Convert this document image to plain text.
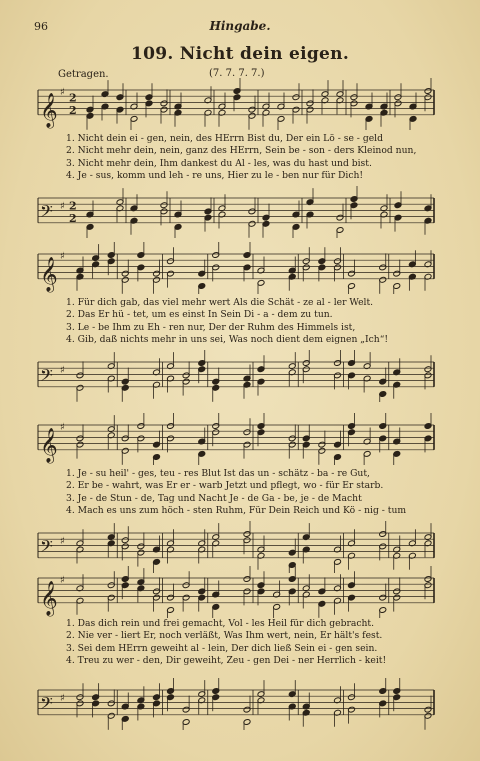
96	Hingabe.
109. Nicht dein eigen.
Getragen.	(7. 7. 7. 7.)
𝄞
♯ 2
2
1. Nicht dein ei - gen, nein, des HErrn Bist du, Der ein Lö - se - geld
2. Nicht mehr dein, nein, ganz des HErrn, Sein be - son - ders Kleinod nun,
3. Nicht mehr dein, Ihm dankest du Al - les, was du hast und bist.
4. Je - sus, komm und leh - re uns, Hier zu le - ben nur für Dich!
𝄢 ♯ 2
2
𝄞
♯
1. Für dich gab, das viel mehr wert Als die Schät - ze al - ler Welt.
2. Das Er hü - tet, um es einst In Sein Di - a - dem zu tun.
3. Le - be Ihm zu Eh - ren nur, Der der Ruhm des Himmels ist,
4. Gib, daß nichts mehr in uns sei, Was noch dient dem eignen „Ich“!
𝄢 ♯
𝄞
♯
1. Je - su heil' - ges, teu - res Blut Ist das un - schätz - ba - re Gut,
2. Er be - wahrt, was Er er - warb Jetzt und pflegt, wo - für Er starb.
3. Je - de Stun - de, Tag und Nacht Je - de Ga - be, je - de Macht
4. Mach es uns zum höch - sten Ruhm, Für Dein Reich und Kö - nig - tum
𝄢 ♯
𝄞
♯
1. Das dich rein und frei gemacht, Vol - les Heil für dich gebracht.
2. Nie ver - liert Er, noch verläßt, Was Ihm wert, nein, Er hält's fest.
3. Sei dem HErrn geweiht al - lein, Der dich ließ Sein ei - gen sein.
4. Treu zu wer - den, Dir geweiht, Zeu - gen Dei - ner Herrlich - keit!
𝄢 ♯
